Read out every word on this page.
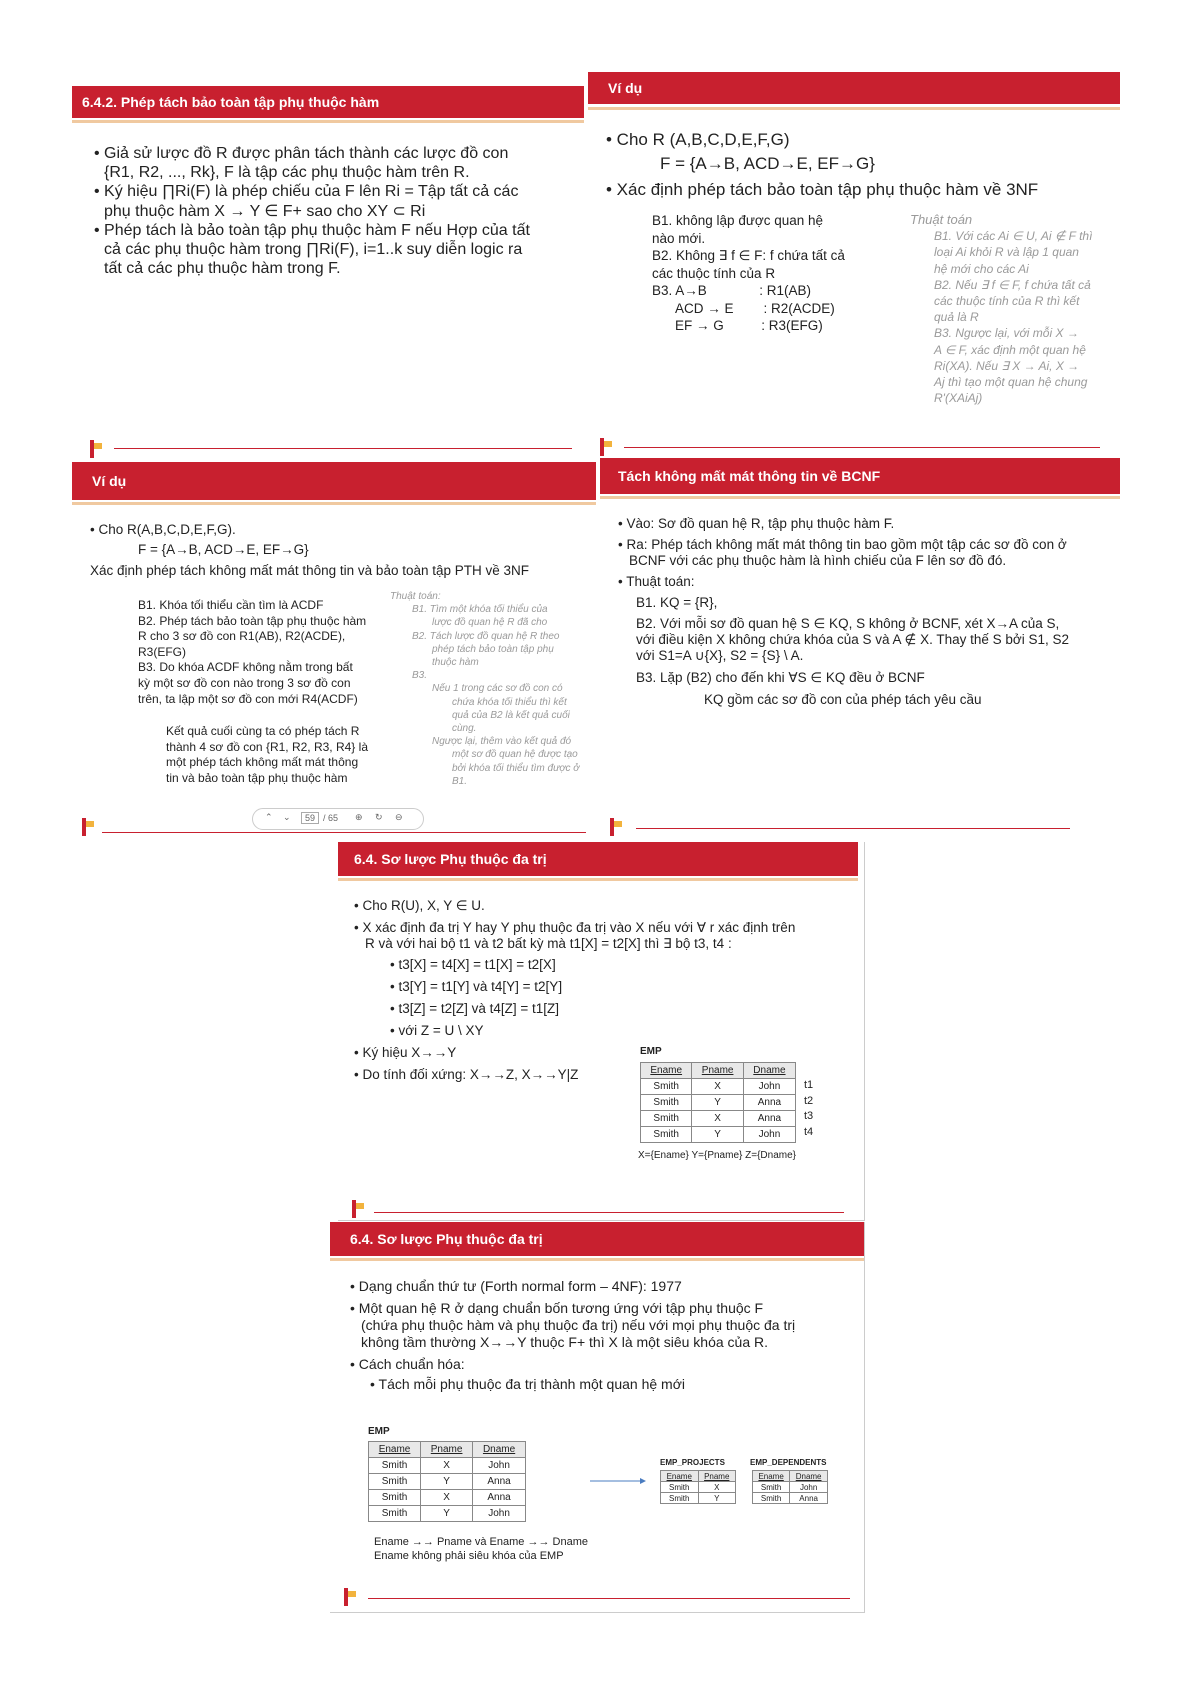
6.4.2. Phép tách bảo toàn tập phụ thuộc hàm
• Giả sử lược đồ R được phân tách thành các lược đồ con
{R1, R2, ..., Rk}, F là tập các phụ thuộc hàm trên R.
• Ký hiệu ∏Ri(F) là phép chiếu của F lên Ri = Tập tất cả các
phụ thuộc hàm X → Y ∈ F+ sao cho XY ⊂ Ri
• Phép tách là bảo toàn tập phụ thuộc hàm F nếu Hợp của tất
cả các phụ thuộc hàm trong ∏Ri(F), i=1..k suy diễn logic ra
tất cả các phụ thuộc hàm trong F.
Ví dụ
• Cho R (A,B,C,D,E,F,G)
F = {A→B, ACD→E, EF→G}
• Xác định phép tách bảo toàn tập phụ thuộc hàm về 3NF
B1. không lập được quan hệ
nào mới.
B2. Không ∃ f ∈ F: f chứa tất cả
các thuộc tính của R
B3. A→B              : R1(AB)
ACD → E        : R2(ACDE)
EF → G          : R3(EFG)
Thuật toán
B1. Với các Ai ∈ U, Ai ∉ F thì
loại Ai khỏi R và lập 1 quan
hệ mới cho các Ai
B2. Nếu ∃ f ∈ F, f chứa tất cả
các thuộc tính của R thì kết
quả là R
B3. Ngược lại, với mỗi X →
A ∈ F, xác định một quan hệ
Ri(XA). Nếu ∃ X → Ai, X →
Aj thì tạo một quan hệ chung
R'(XAiAj)
Ví dụ
• Cho R(A,B,C,D,E,F,G).
F = {A→B, ACD→E, EF→G}
Xác định phép tách không mất mát thông tin và bảo toàn tập PTH về 3NF
B1. Khóa tối thiểu cần tìm là ACDF
B2. Phép tách bảo toàn tập phụ thuộc hàm
R cho 3 sơ đồ con R1(AB), R2(ACDE),
R3(EFG)
B3. Do khóa ACDF không nằm trong bất
kỳ một sơ đồ con nào trong 3 sơ đồ con
trên, ta lập một sơ đồ con mới R4(ACDF)
Kết quả cuối cùng ta có phép tách R
thành 4 sơ đồ con {R1, R2, R3, R4} là
một phép tách không mất mát thông
tin và bảo toàn tập phụ thuộc hàm
Thuật toán:
B1. Tìm một khóa tối thiểu của
lược đồ quan hệ R đã cho
B2. Tách lược đồ quan hệ R theo
phép tách bảo toàn tập phụ
thuộc hàm
B3.
Nếu 1 trong các sơ đồ con có
chứa khóa tối thiểu thì kết
quả của B2 là kết quả cuối
cùng.
Ngược lại, thêm vào kết quả đó
một sơ đồ quan hệ được tạo
bởi khóa tối thiểu tìm được ở
B1.
⌃ ⌄	59 / 65 ⊕ ↻ ⊖
Tách không mất mát thông tin về BCNF
• Vào: Sơ đồ quan hệ R, tập phụ thuộc hàm F.
• Ra: Phép tách không mất mát thông tin bao gồm một tập các sơ đồ con ở
BCNF với các phụ thuộc hàm là hình chiếu của F lên sơ đồ đó.
• Thuật toán:
B1. KQ = {R},
B2. Với mỗi sơ đồ quan hệ S ∈ KQ, S không ở BCNF, xét X→A của S,
với điều kiện X không chứa khóa của S và A ∉ X. Thay thế S bởi S1, S2
với S1=A ∪{X}, S2 = {S} \ A.
B3. Lặp (B2) cho đến khi ∀S ∈ KQ đều ở BCNF
KQ gồm các sơ đồ con của phép tách yêu cầu
6.4. Sơ lược Phụ thuộc đa trị
• Cho R(U), X, Y ∈ U.
• X xác định đa trị Y hay Y phụ thuộc đa trị vào X nếu với ∀ r xác định trên
R và với hai bộ t1 và t2 bất kỳ mà t1[X] = t2[X] thì ∃ bộ t3, t4 :
• t3[X] = t4[X] = t1[X] = t2[X]
• t3[Y] = t1[Y] và t4[Y] = t2[Y]
• t3[Z] = t2[Z] và t4[Z] = t1[Z]
• với Z = U \ XY
• Ký hiệu X→→Y
• Do tính đối xứng: X→→Z, X→→Y|Z
EMP
Ename	Pname	Dname
Smith	X	John
Smith	Y	Anna
Smith	X	Anna
Smith	Y	John
t1
t2
t3
t4
X={Ename} Y={Pname} Z={Dname}
6.4. Sơ lược Phụ thuộc đa trị
• Dạng chuẩn thứ tư (Forth normal form – 4NF): 1977
• Một quan hệ R ở dạng chuẩn bốn tương ứng với tập phụ thuộc F
(chứa phụ thuộc hàm và phụ thuộc đa trị) nếu với mọi phụ thuộc đa trị
không tầm thường X→→Y thuộc F+ thì X là một siêu khóa của R.
• Cách chuẩn hóa:
• Tách mỗi phụ thuộc đa trị thành một quan hệ mới
EMP
Ename	Pname	Dname
Smith	X	John
Smith	Y	Anna
Smith	X	Anna
Smith	Y	John
EMP_PROJECTS
Ename	Pname
Smith	X
Smith	Y
EMP_DEPENDENTS
Ename	Dname
Smith	John
Smith	Anna
Ename →→ Pname và Ename →→ Dname
Ename không phải siêu khóa của EMP
